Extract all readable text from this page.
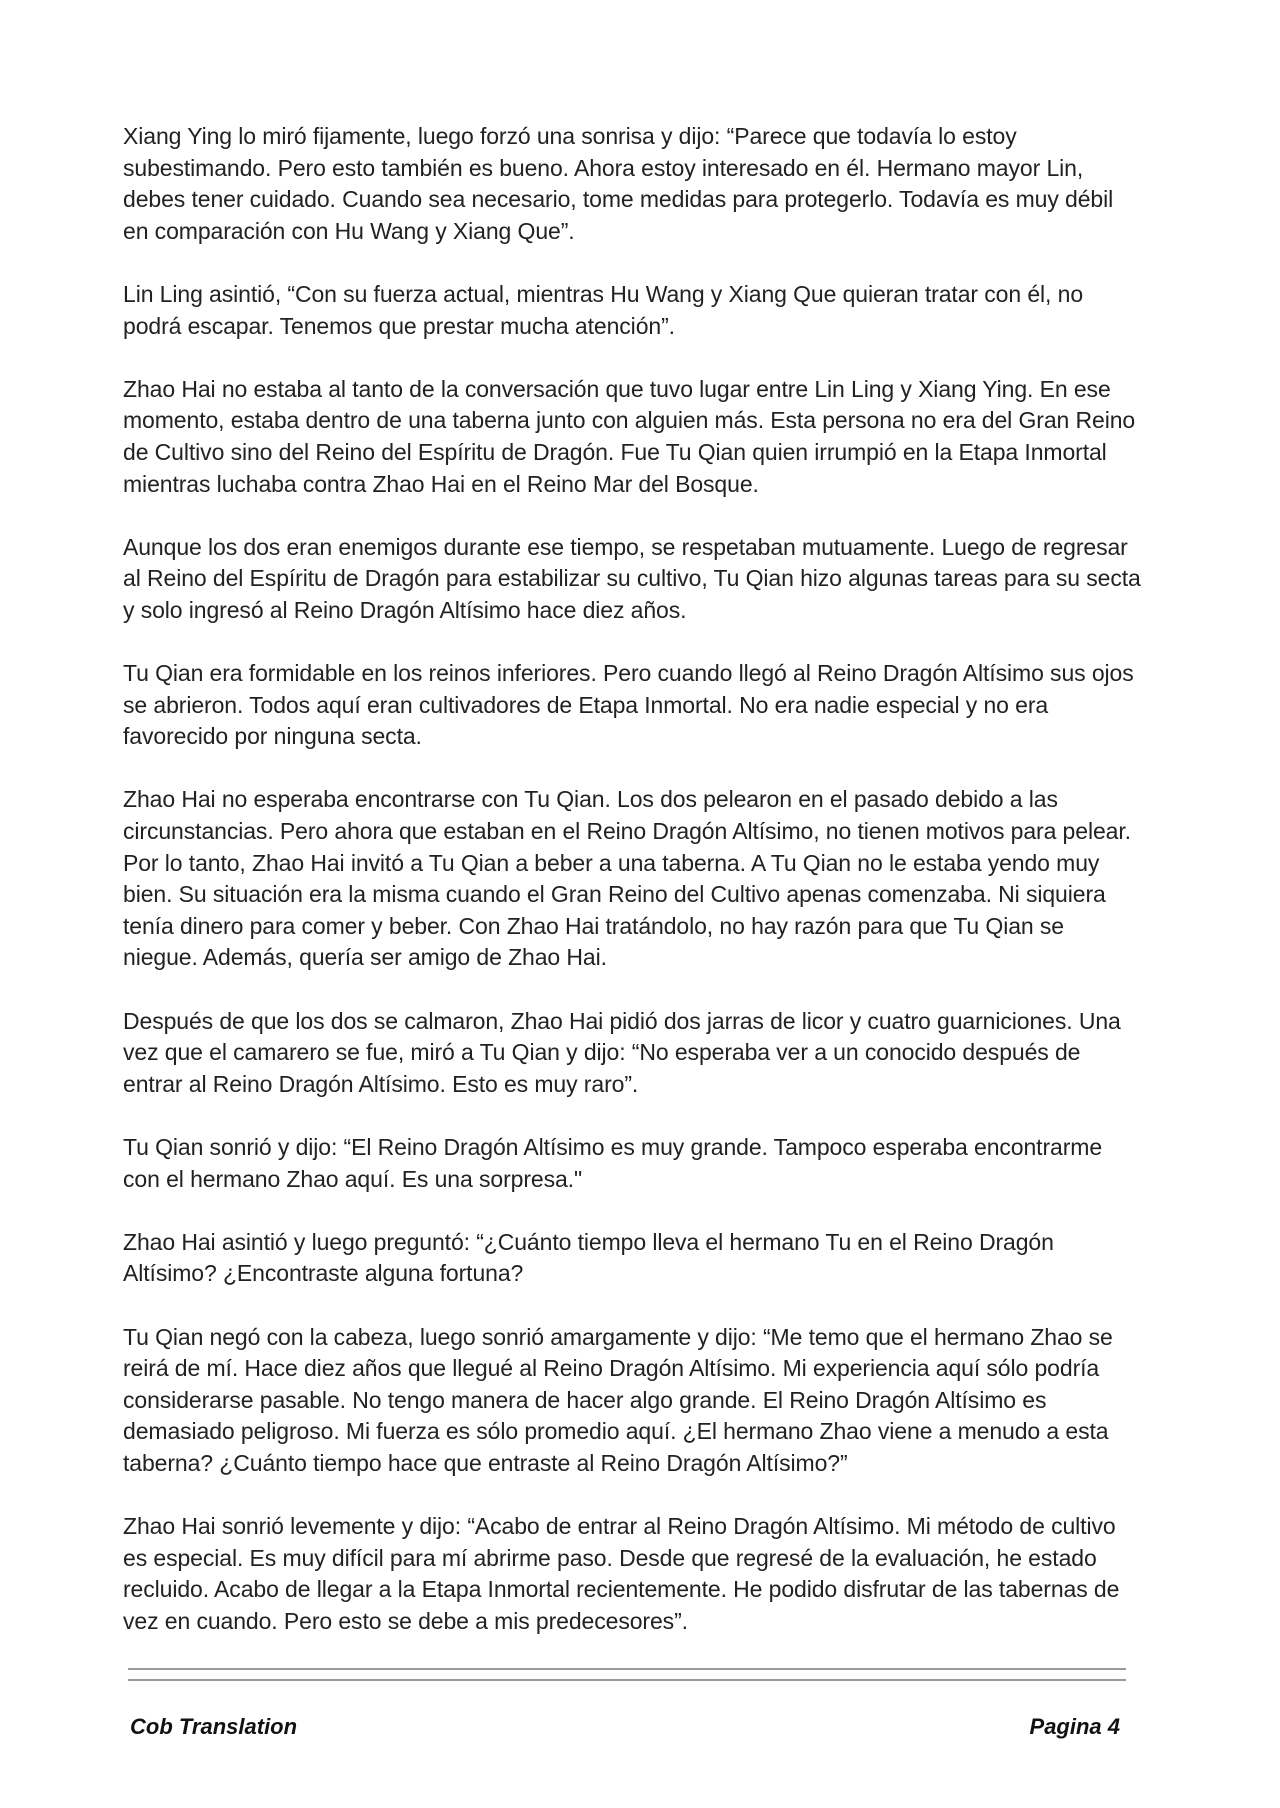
Xiang Ying lo miró fijamente, luego forzó una sonrisa y dijo: “Parece que todavía lo estoy subestimando. Pero esto también es bueno. Ahora estoy interesado en él. Hermano mayor Lin, debes tener cuidado. Cuando sea necesario, tome medidas para protegerlo. Todavía es muy débil en comparación con Hu Wang y Xiang Que”.

Lin Ling asintió, “Con su fuerza actual, mientras Hu Wang y Xiang Que quieran tratar con él, no podrá escapar. Tenemos que prestar mucha atención”.

Zhao Hai no estaba al tanto de la conversación que tuvo lugar entre Lin Ling y Xiang Ying. En ese momento, estaba dentro de una taberna junto con alguien más. Esta persona no era del Gran Reino de Cultivo sino del Reino del Espíritu de Dragón. Fue Tu Qian quien irrumpió en la Etapa Inmortal mientras luchaba contra Zhao Hai en el Reino Mar del Bosque.

Aunque los dos eran enemigos durante ese tiempo, se respetaban mutuamente. Luego de regresar al Reino del Espíritu de Dragón para estabilizar su cultivo, Tu Qian hizo algunas tareas para su secta y solo ingresó al Reino Dragón Altísimo hace diez años.

Tu Qian era formidable en los reinos inferiores. Pero cuando llegó al Reino Dragón Altísimo sus ojos se abrieron. Todos aquí eran cultivadores de Etapa Inmortal. No era nadie especial y no era favorecido por ninguna secta.

Zhao Hai no esperaba encontrarse con Tu Qian. Los dos pelearon en el pasado debido a las circunstancias. Pero ahora que estaban en el Reino Dragón Altísimo, no tienen motivos para pelear. Por lo tanto, Zhao Hai invitó a Tu Qian a beber a una taberna. A Tu Qian no le estaba yendo muy bien. Su situación era la misma cuando el Gran Reino del Cultivo apenas comenzaba. Ni siquiera tenía dinero para comer y beber. Con Zhao Hai tratándolo, no hay razón para que Tu Qian se niegue. Además, quería ser amigo de Zhao Hai.

Después de que los dos se calmaron, Zhao Hai pidió dos jarras de licor y cuatro guarniciones. Una vez que el camarero se fue, miró a Tu Qian y dijo: “No esperaba ver a un conocido después de entrar al Reino Dragón Altísimo. Esto es muy raro”.

Tu Qian sonrió y dijo: “El Reino Dragón Altísimo es muy grande. Tampoco esperaba encontrarme con el hermano Zhao aquí. Es una sorpresa."

Zhao Hai asintió y luego preguntó: “¿Cuánto tiempo lleva el hermano Tu en el Reino Dragón Altísimo? ¿Encontraste alguna fortuna?

Tu Qian negó con la cabeza, luego sonrió amargamente y dijo: “Me temo que el hermano Zhao se reirá de mí. Hace diez años que llegué al Reino Dragón Altísimo. Mi experiencia aquí sólo podría considerarse pasable. No tengo manera de hacer algo grande. El Reino Dragón Altísimo es demasiado peligroso. Mi fuerza es sólo promedio aquí. ¿El hermano Zhao viene a menudo a esta taberna? ¿Cuánto tiempo hace que entraste al Reino Dragón Altísimo?”

Zhao Hai sonrió levemente y dijo: “Acabo de entrar al Reino Dragón Altísimo. Mi método de cultivo es especial. Es muy difícil para mí abrirme paso. Desde que regresé de la evaluación, he estado recluido. Acabo de llegar a la Etapa Inmortal recientemente. He podido disfrutar de las tabernas de vez en cuando. Pero esto se debe a mis predecesores”.

Cob Translation	Pagina 4
